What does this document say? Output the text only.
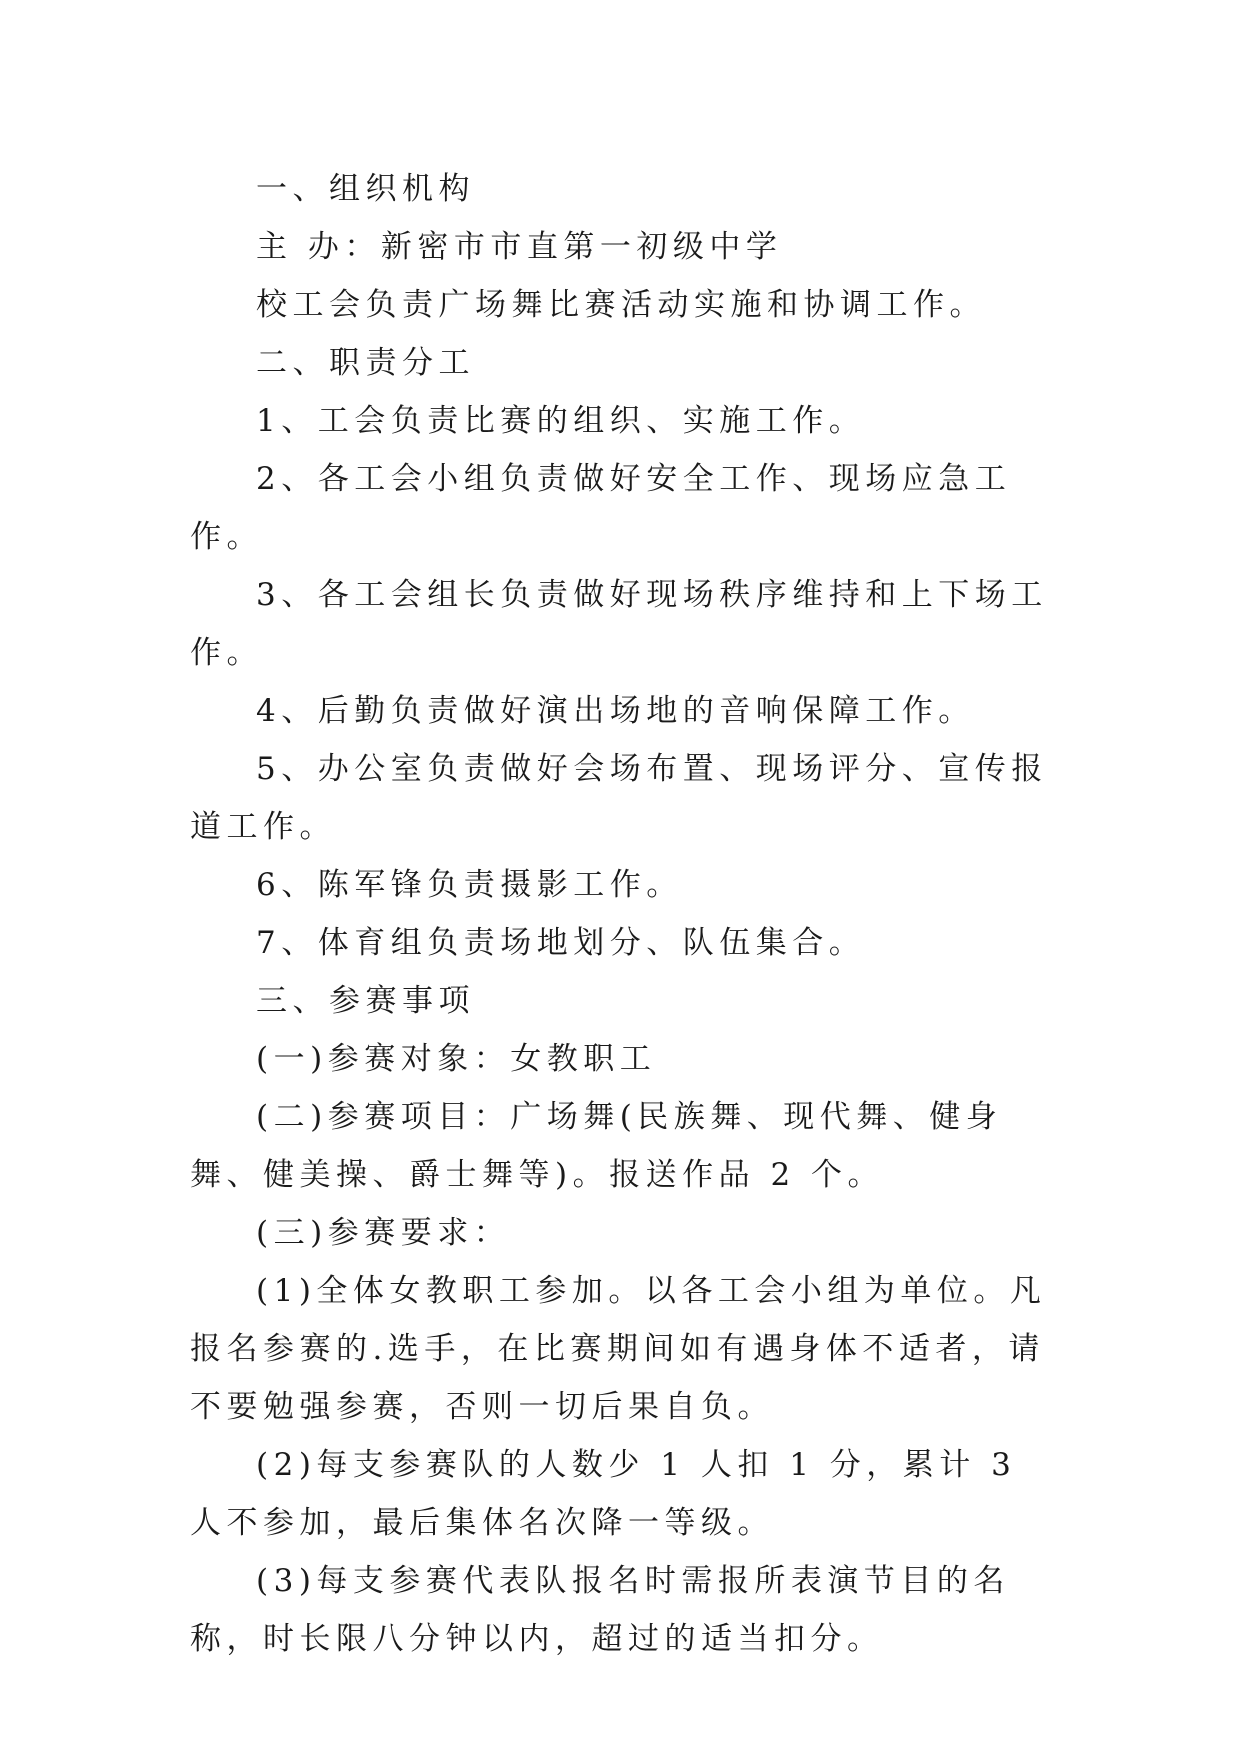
一、组织机构

主 办：新密市市直第一初级中学

校工会负责广场舞比赛活动实施和协调工作。

二、职责分工

1、工会负责比赛的组织、实施工作。

2、各工会小组负责做好安全工作、现场应急工作。

3、各工会组长负责做好现场秩序维持和上下场工作。

4、后勤负责做好演出场地的音响保障工作。

5、办公室负责做好会场布置、现场评分、宣传报道工作。

6、陈军锋负责摄影工作。

7、体育组负责场地划分、队伍集合。

三、参赛事项

(一)参赛对象：女教职工

(二)参赛项目：广场舞(民族舞、现代舞、健身舞、健美操、爵士舞等)。报送作品 2 个。

(三)参赛要求：

(1)全体女教职工参加。以各工会小组为单位。凡报名参赛的.选手，在比赛期间如有遇身体不适者，请不要勉强参赛，否则一切后果自负。

(2)每支参赛队的人数少 1 人扣 1 分，累计 3 人不参加，最后集体名次降一等级。

(3)每支参赛代表队报名时需报所表演节目的名称，时长限八分钟以内，超过的适当扣分。
